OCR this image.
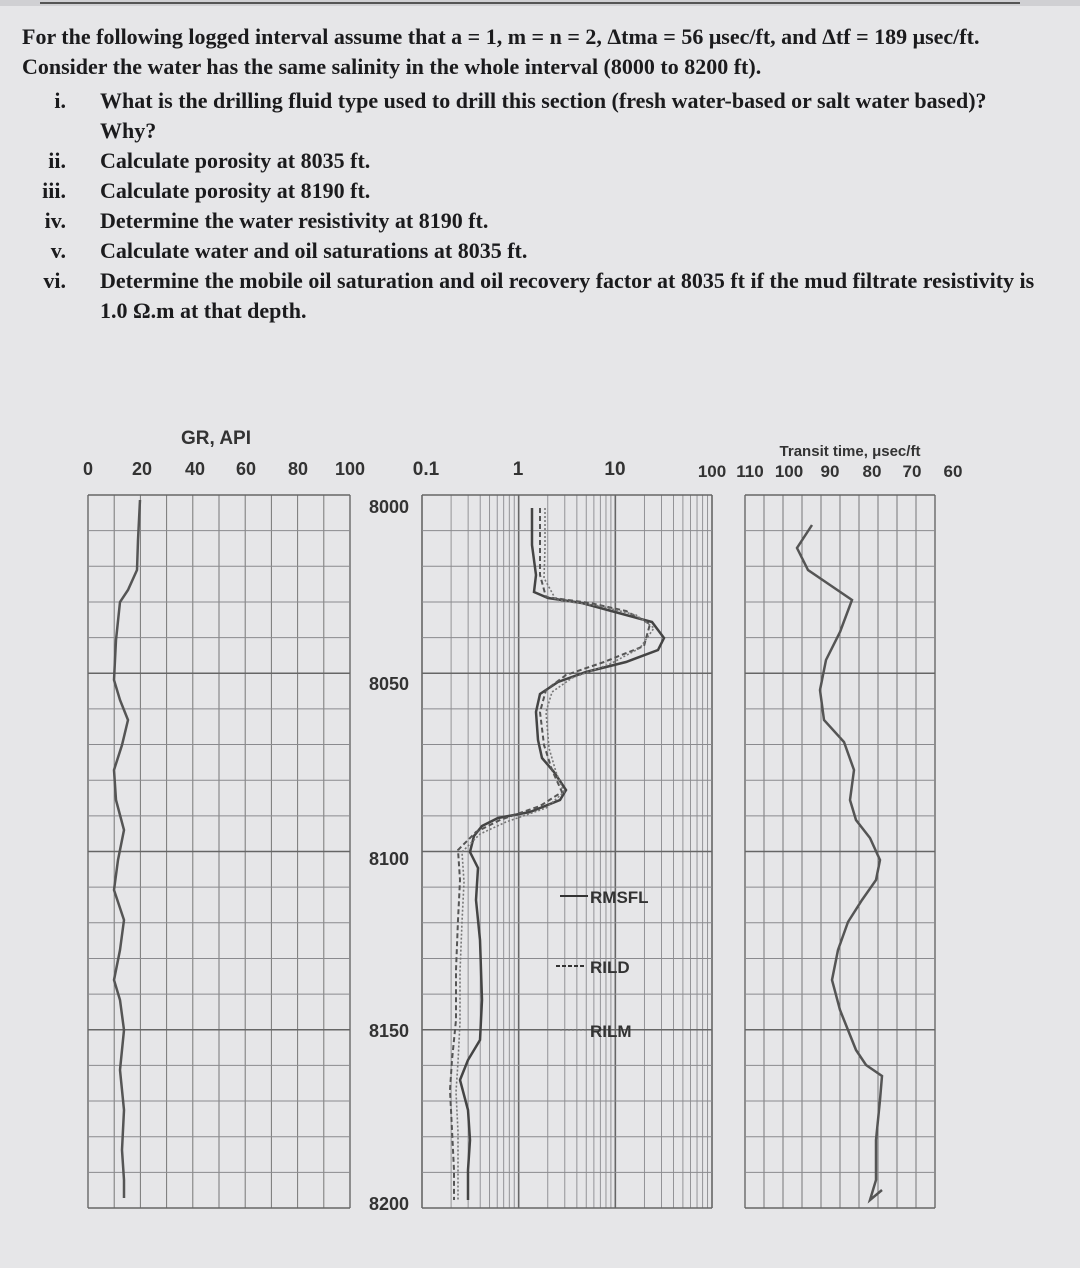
For the following logged interval assume that a = 1, m = n = 2, Δtma = 56 μsec/ft, and Δtf = 189 μsec/ft. Consider the water has the same salinity in the whole interval (8000 to 8200 ft).
i. What is the drilling fluid type used to drill this section (fresh water-based or salt water based)? Why?
ii. Calculate porosity at 8035 ft.
iii. Calculate porosity at 8190 ft.
iv. Determine the water resistivity at 8190 ft.
v. Calculate water and oil saturations at 8035 ft.
vi. Determine the mobile oil saturation and oil recovery factor at 8035 ft if the mud filtrate resistivity is 1.0 Ω.m at that depth.
GR, API
0 20 40 60 80 100	0.1	1	10
Transit time, μsec/ft
100 110 100 90 80 70 60
8000
8050
8100
8150
8200
RMSFL
RILD
RILM
